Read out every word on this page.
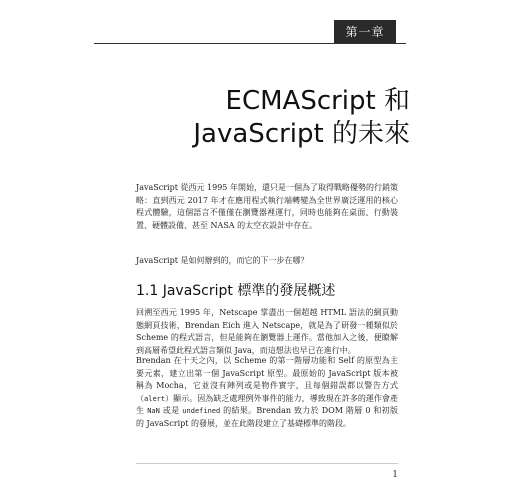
第一章
ECMAScript 和
JavaScript 的未來

JavaScript 從西元 1995 年開始，還只是一個為了取得戰略優勢的行銷策略：直到西元 2017 年才在應用程式執行端轉變為全世界廣泛運用的核心程式體驗，這個語言不僅僅在瀏覽器裡運行，同時也能夠在桌面、行動裝置、硬體設備、甚至 NASA 的太空衣設計中存在。

JavaScript 是如何辦到的，而它的下一步在哪？

1.1 JavaScript 標準的發展概述

回溯至西元 1995 年，Netscape 掌盡出一個超越 HTML 語法的網頁動態網頁技術，Brendan Eich 進入 Netscape，就是為了研發一種類似於 Scheme 的程式語言，但是能夠在瀏覽器上運作。當他加入之後，便瞭解到高層希望此程式語言類似 Java，而這想法也早已在進行中。

Brendan 在十天之內，以 Scheme 的第一階層功能和 Self 的原型為主要元素，建立出第一個 JavaScript 原型。最原始的 JavaScript 版本被稱為 Mocha，它並沒有陣列或是物件實字，且每個錯誤都以警告方式（alert）顯示。因為缺乏處理例外事件的能力，導致現在許多的運作會產生 NaN 或是 undefined 的結果。Brendan 致力於 DOM 階層 0 和初版的 JavaScript 的發展，並在此階段建立了基礎標準的階段。

1
